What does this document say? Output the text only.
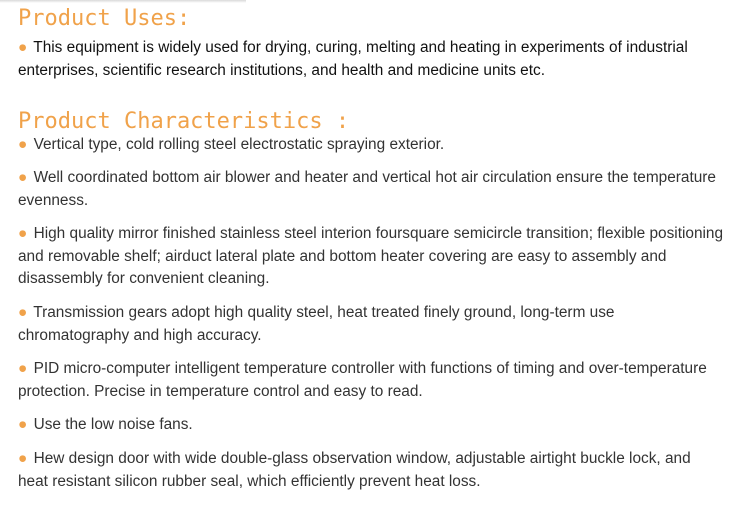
Product Uses:

● This equipment is widely used for drying, curing, melting and heating in experiments of industrial enterprises, scientific research institutions, and health and medicine units etc.

Product Characteristics :

● Vertical type, cold rolling steel electrostatic spraying exterior.

● Well coordinated bottom air blower and heater and vertical hot air circulation ensure the temperature evenness.

● High quality mirror finished stainless steel interion foursquare semicircle transition; flexible positioning and removable shelf; airduct lateral plate and bottom heater covering are easy to assembly and disassembly for convenient cleaning.

● Transmission gears adopt high quality steel, heat treated finely ground, long-term use chromatography and high accuracy.

● PID micro-computer intelligent temperature controller with functions of timing and over-temperature protection. Precise in temperature control and easy to read.

● Use the low noise fans.

● Hew design door with wide double-glass observation window, adjustable airtight buckle lock, and heat resistant silicon rubber seal, which efficiently prevent heat loss.
